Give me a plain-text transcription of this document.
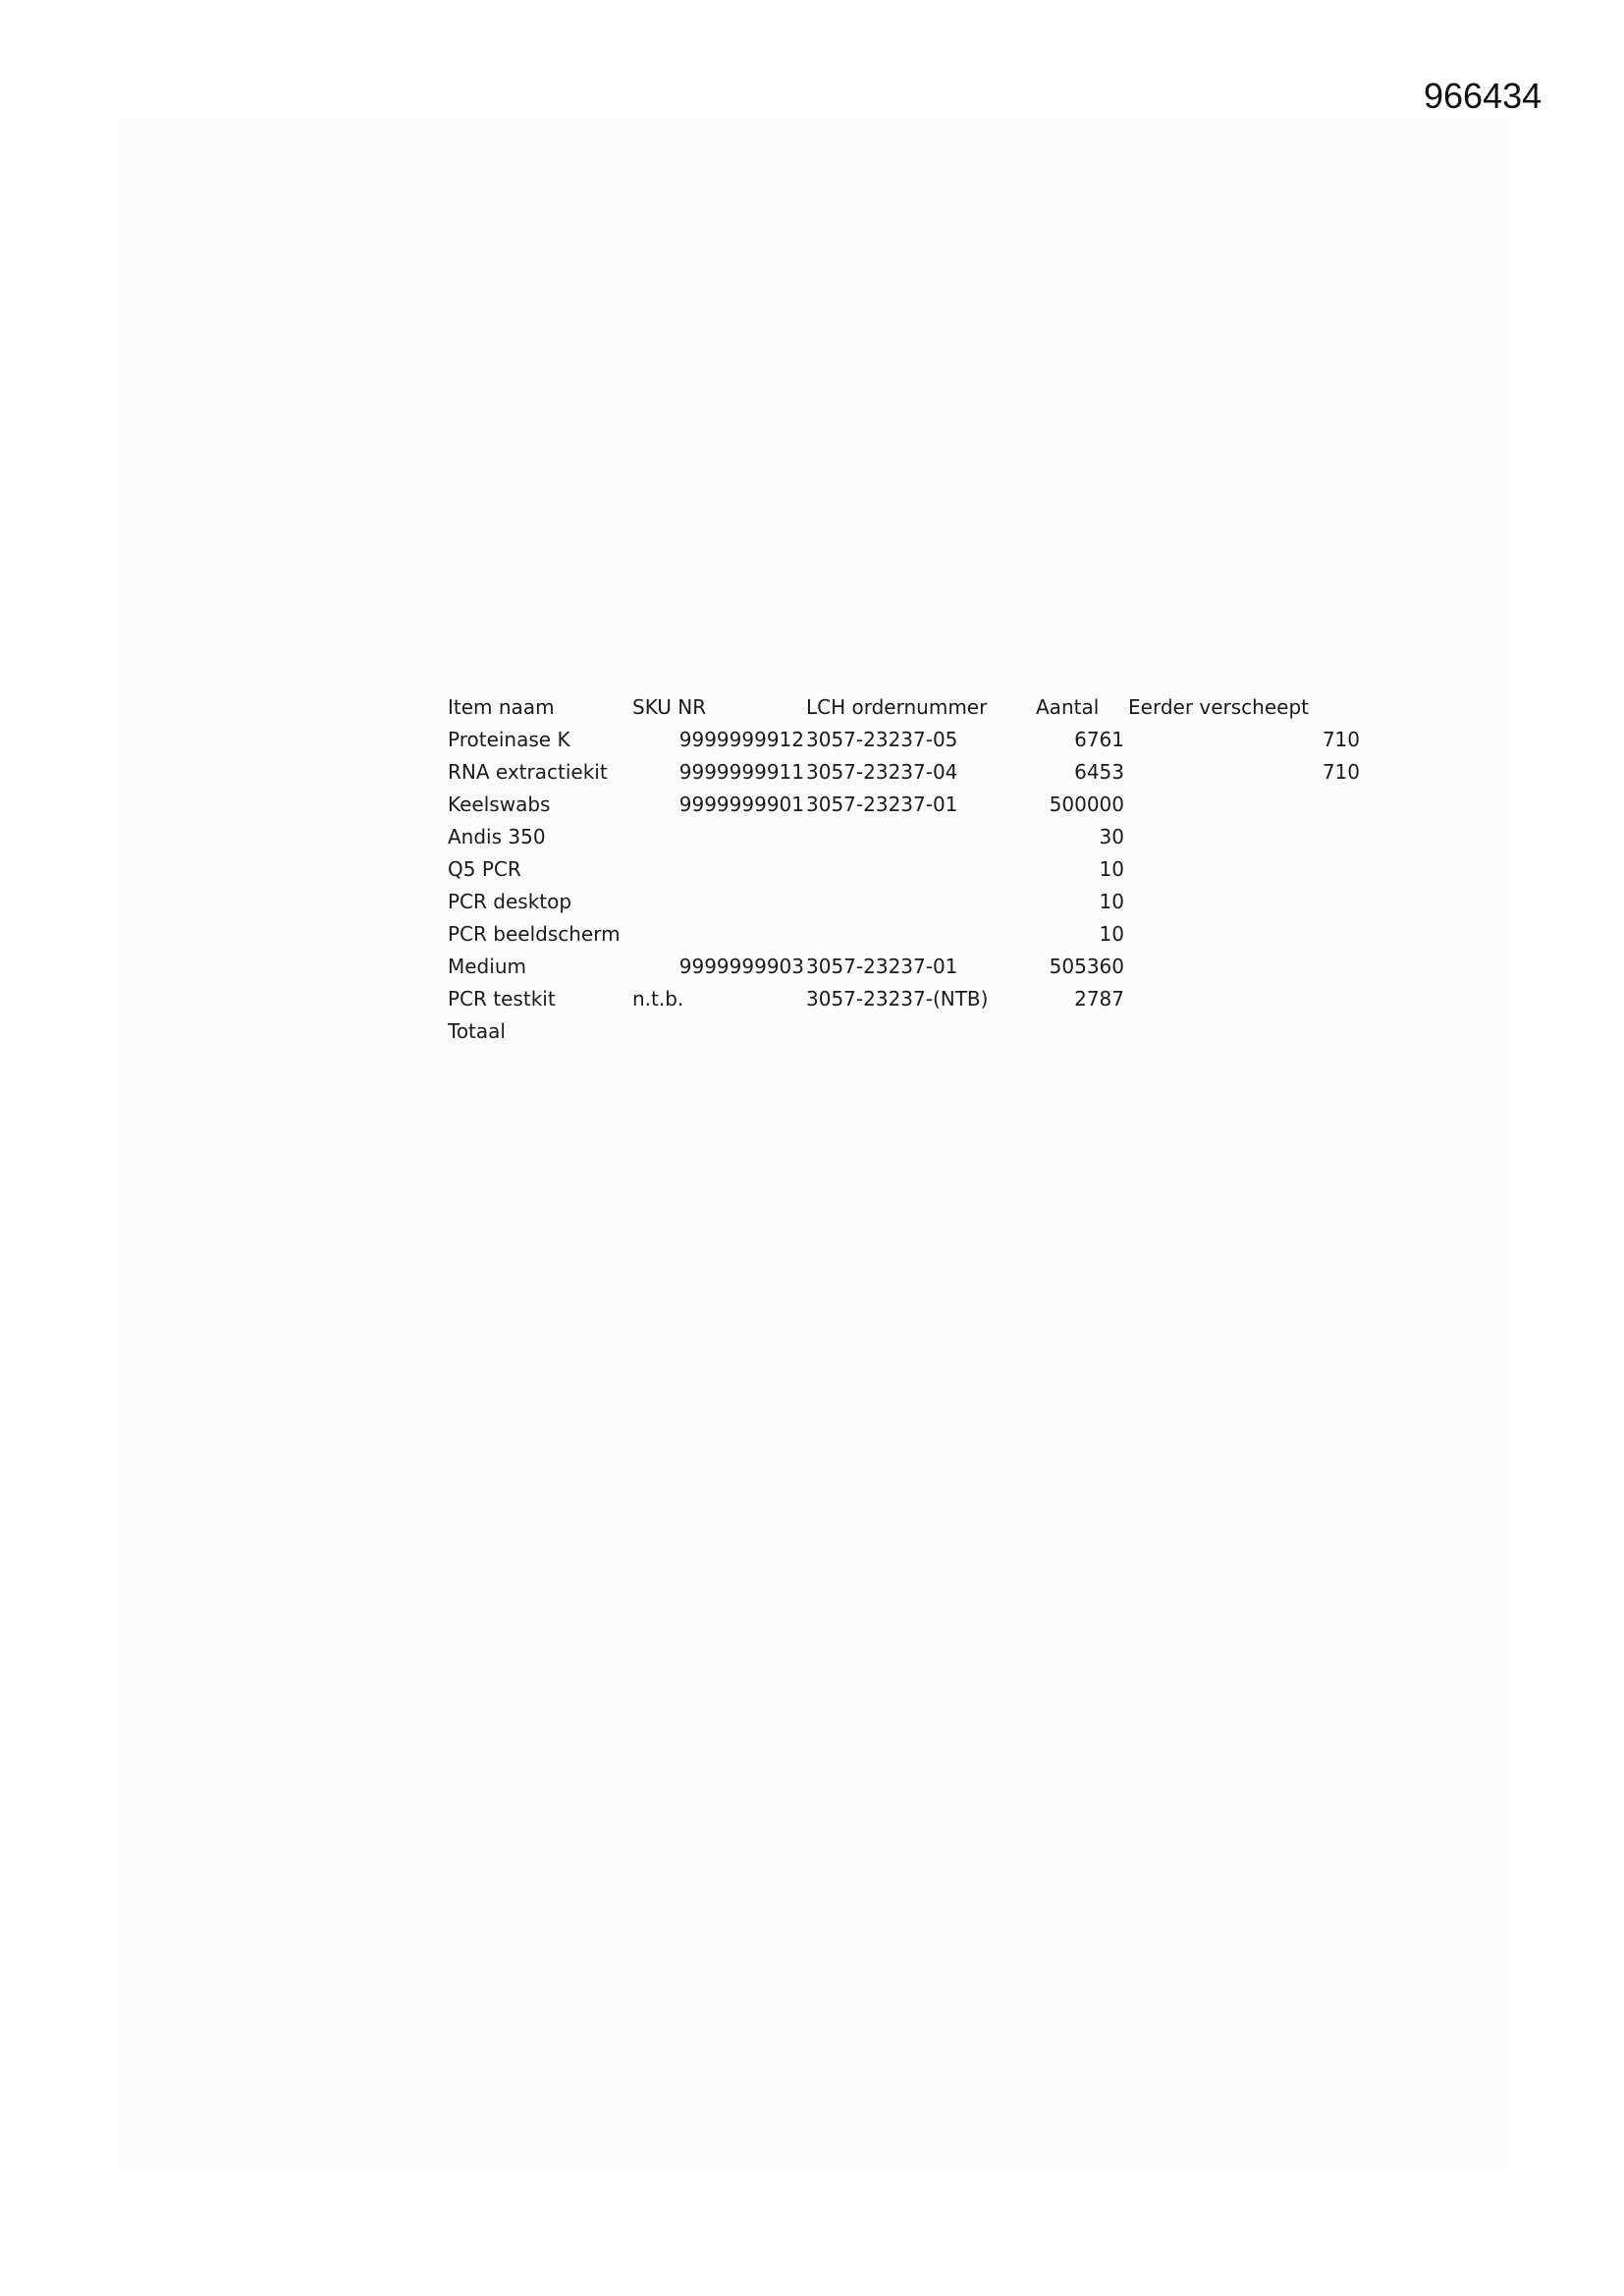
966434
Item naam	SKU NR	LCH ordernummer	Aantal	Eerder verscheept
Proteinase K	9999999912	3057-23237-05	6761	710
RNA extractiekit	9999999911	3057-23237-04	6453	710
Keelswabs	9999999901	3057-23237-01	500000	
Andis 350			30	
Q5 PCR			10	
PCR desktop			10	
PCR beeldscherm			10	
Medium	9999999903	3057-23237-01	505360	
PCR testkit	n.t.b.	3057-23237-(NTB)	2787	
Totaal				
